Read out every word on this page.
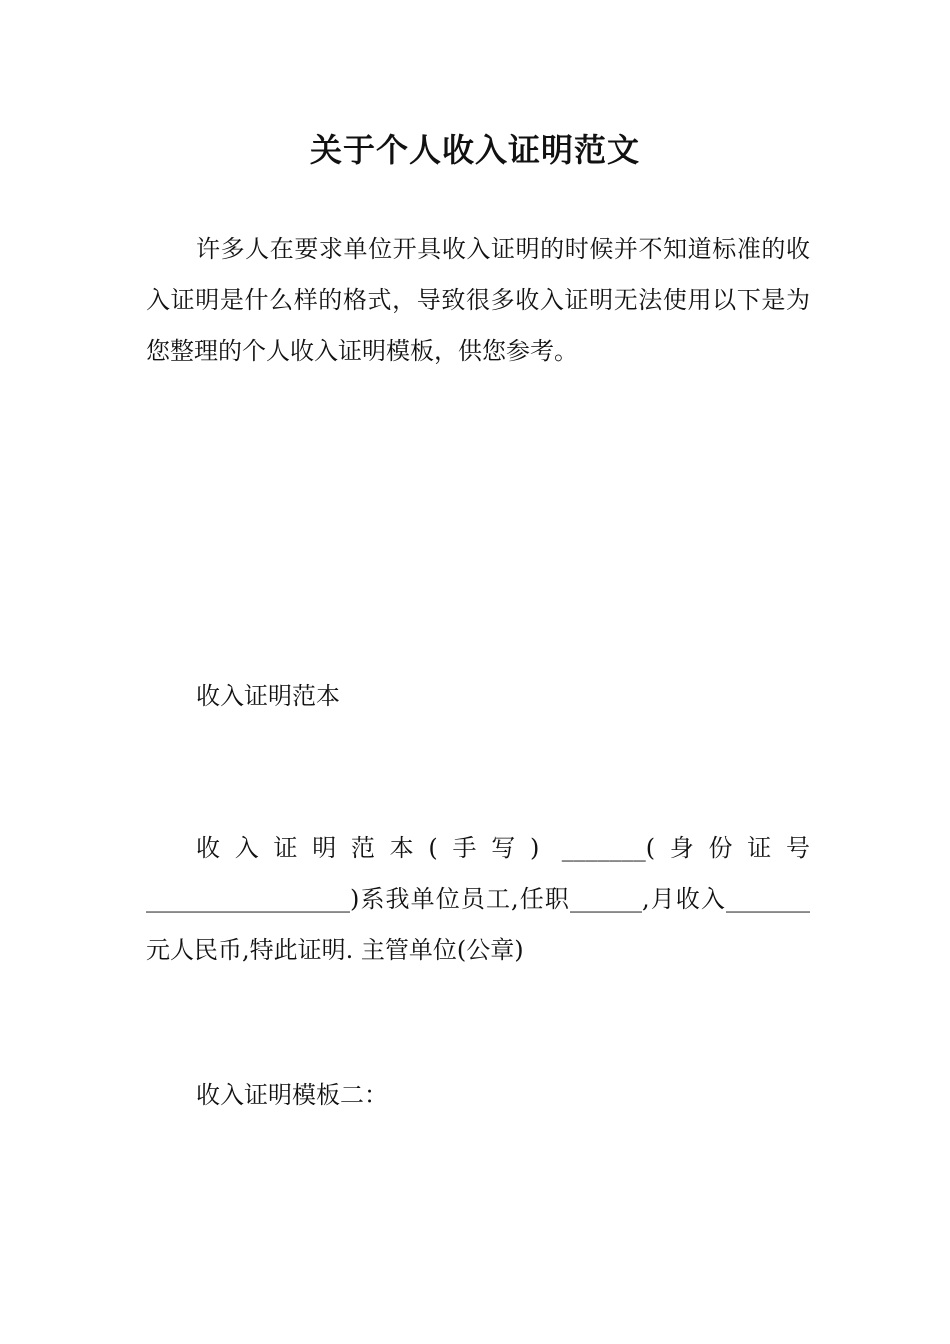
关于个人收入证明范文

许多人在要求单位开具收入证明的时候并不知道标准的收入证明是什么样的格式，导致很多收入证明无法使用以下是为您整理的个人收入证明模板，供您参考。

收入证明范本

收入证明范本(手写) _______(身份证号_________________)系我单位员工,任职______,月收入_______元人民币,特此证明. 主管单位(公章)

收入证明模板二：
